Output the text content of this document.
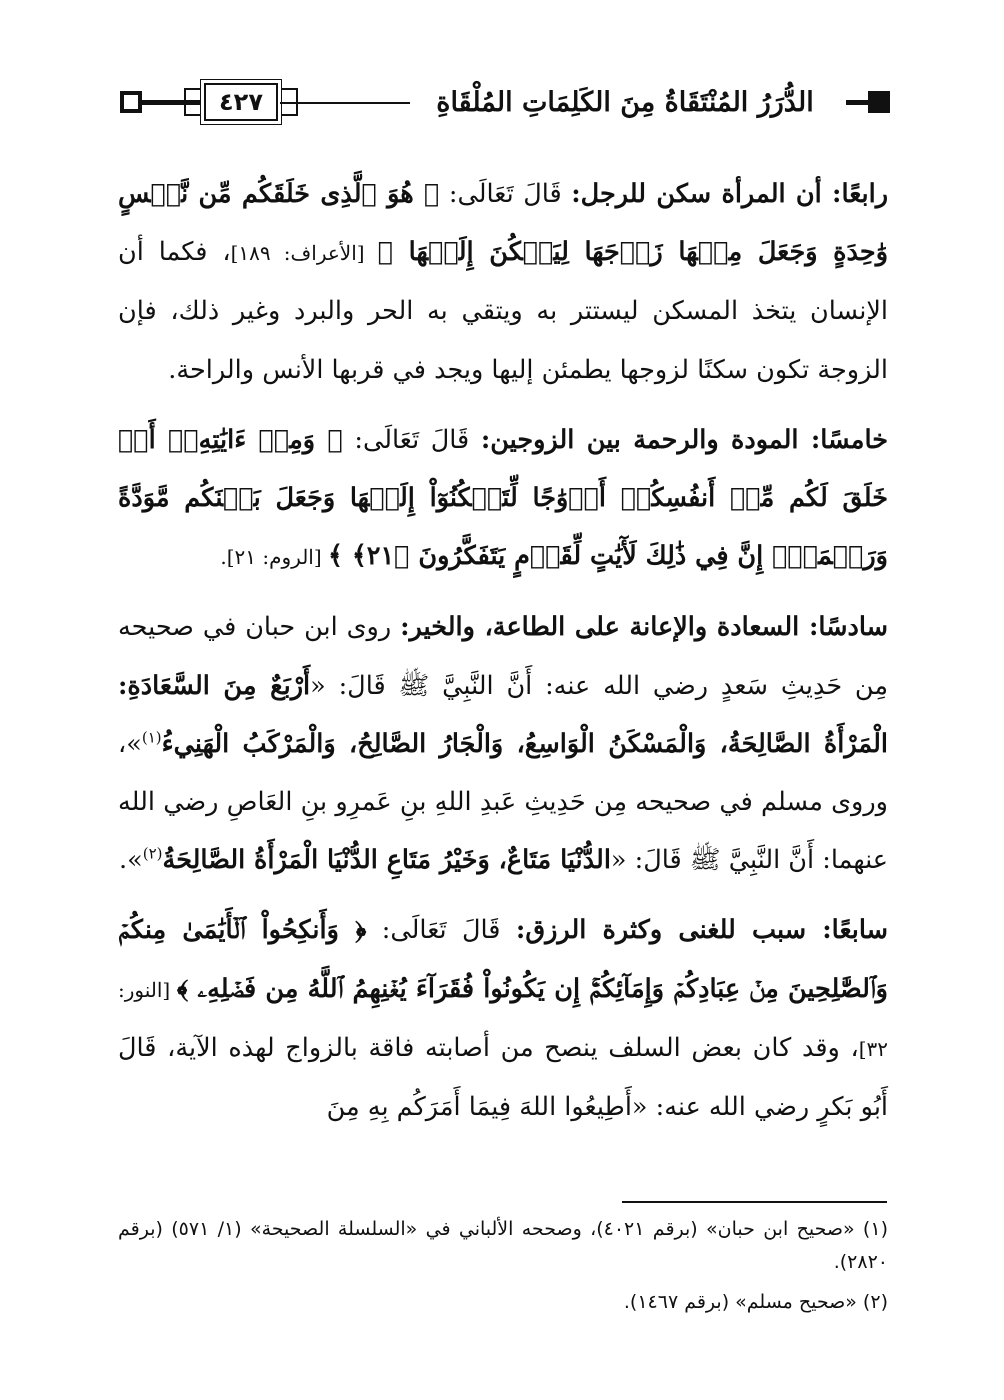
الدُّرَرُ المُنْتَقَاةُ مِنَ الكَلِمَاتِ المُلْقَاةِ
٤٢٧

رابعًا: أن المرأة سكن للرجل: قَالَ تَعَالَى: ﴿ هُوَ ٱلَّذِى خَلَقَكُم مِّن نَّفۡسٍ وَٰحِدَةٍ وَجَعَلَ مِنۡهَا زَوۡجَهَا لِيَسۡكُنَ إِلَيۡهَا ﴾ [الأعراف: ١٨٩]، فكما أن الإنسان يتخذ المسكن ليستتر به ويتقي به الحر والبرد وغير ذلك، فإن الزوجة تكون سكنًا لزوجها يطمئن إليها ويجد في قربها الأنس والراحة.

خامسًا: المودة والرحمة بين الزوجين: قَالَ تَعَالَى: ﴿ وَمِنۡ ءَايَٰتِهِۦٓ أَنۡ خَلَقَ لَكُم مِّنۡ أَنفُسِكُمۡ أَزۡوَٰجًا لِّتَسۡكُنُوٓاْ إِلَيۡهَا وَجَعَلَ بَيۡنَكُم مَّوَدَّةً وَرَحۡمَةًۚ إِنَّ فِي ذَٰلِكَ لَأٓيَٰتٍ لِّقَوۡمٍ يَتَفَكَّرُونَ ﴿٢١﴾ ﴾ [الروم: ٢١].

سادسًا: السعادة والإعانة على الطاعة، والخير: روى ابن حبان في صحيحه مِن حَدِيثِ سَعدٍ رضي الله عنه: أَنَّ النَّبِيَّ ﷺ قَالَ: «أَرْبَعٌ مِنَ السَّعَادَةِ: الْمَرْأَةُ الصَّالِحَةُ، وَالْمَسْكَنُ الْوَاسِعُ، وَالْجَارُ الصَّالِحُ، وَالْمَرْكَبُ الْهَنِيءُ$^{(١)}$»، وروى مسلم في صحيحه مِن حَدِيثِ عَبدِ اللهِ بنِ عَمرِو بنِ العَاصِ رضي الله عنهما: أَنَّ النَّبِيَّ ﷺ قَالَ: «الدُّنْيَا مَتَاعٌ، وَخَيْرُ مَتَاعِ الدُّنْيَا الْمَرْأَةُ الصَّالِحَةُ$^{(٢)}$».

سابعًا: سبب للغنى وكثرة الرزق: قَالَ تَعَالَى: ﴿ وَأَنكِحُواْ ٱلۡأَيَٰمَىٰ مِنكُمۡ وَٱلصَّٰلِحِينَ مِنۡ عِبَادِكُمۡ وَإِمَآئِكُمۡۚ إِن يَكُونُواْ فُقَرَآءَ يُغۡنِهِمُ ٱللَّهُ مِن فَضۡلِهِۦ ﴾ [النور: ٣٢]، وقد كان بعض السلف ينصح من أصابته فاقة بالزواج لهذه الآية، قَالَ أَبُو بَكرٍ رضي الله عنه: «أَطِيعُوا اللهَ فِيمَا أَمَرَكُم بِهِ مِنَ

(١) «صحيح ابن حبان» (برقم ٤٠٢١)، وصححه الألباني في «السلسلة الصحيحة» (١/ ٥٧١) (برقم ٢٨٢٠).

(٢) «صحيح مسلم» (برقم ١٤٦٧).
